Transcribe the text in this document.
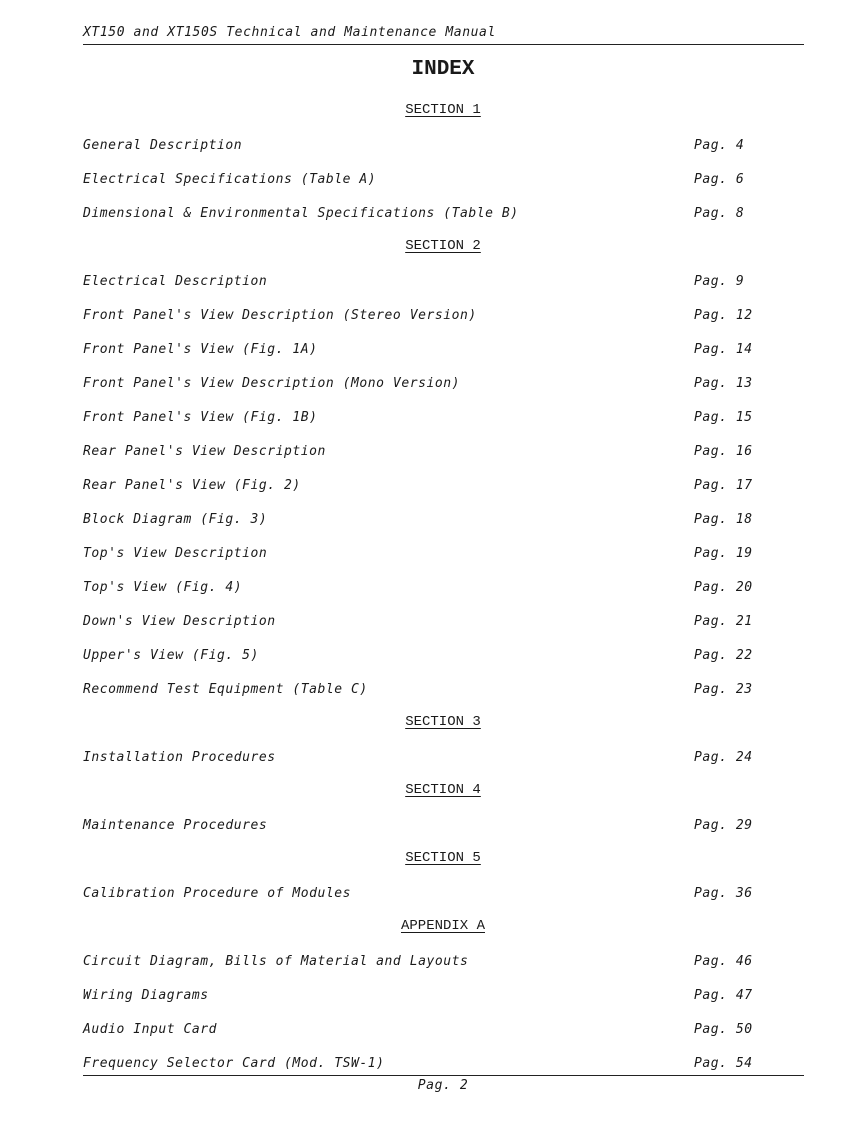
XT150 and XT150S Technical and Maintenance Manual
INDEX
SECTION 1
General Description	Pag. 4
Electrical Specifications (Table A)	Pag. 6
Dimensional & Environmental Specifications (Table B)	Pag. 8
SECTION 2
Electrical Description	Pag. 9
Front Panel's View Description (Stereo Version)	Pag. 12
Front Panel's View (Fig. 1A)	Pag. 14
Front Panel's View Description (Mono Version)	Pag. 13
Front Panel's View (Fig. 1B)	Pag. 15
Rear Panel's View Description	Pag. 16
Rear Panel's View (Fig. 2)	Pag. 17
Block Diagram (Fig. 3)	Pag. 18
Top's View Description	Pag. 19
Top's View (Fig. 4)	Pag. 20
Down's View Description	Pag. 21
Upper's View (Fig. 5)	Pag. 22
Recommend Test Equipment (Table C)	Pag. 23
SECTION 3
Installation Procedures	Pag. 24
SECTION 4
Maintenance Procedures	Pag. 29
SECTION 5
Calibration Procedure of Modules	Pag. 36
APPENDIX A
Circuit Diagram, Bills of Material and Layouts	Pag. 46
Wiring Diagrams	Pag. 47
Audio Input Card	Pag. 50
Frequency Selector Card (Mod. TSW-1)	Pag. 54
Pag. 2
